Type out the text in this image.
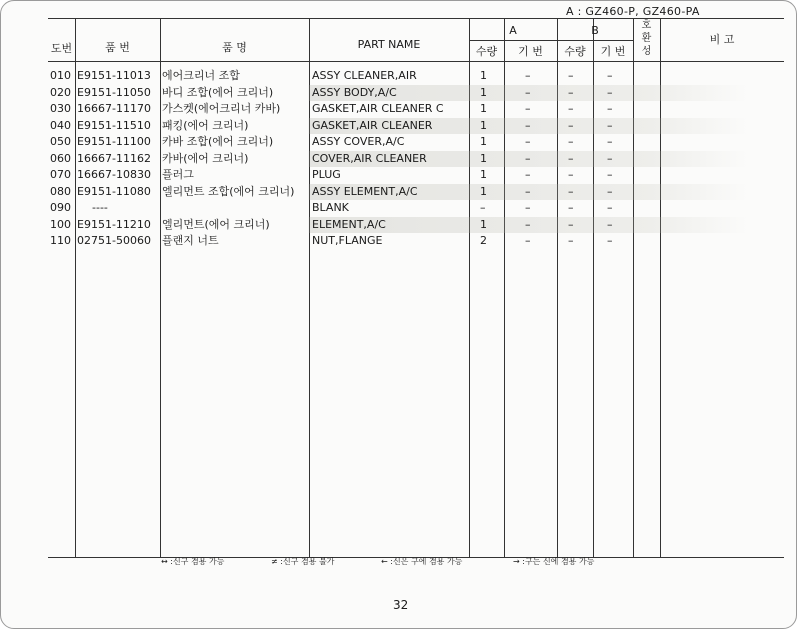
A : GZ460-P, GZ460-PA
도번	품 번	품 명	PART NAME
A	B
수량	기 번	수량	기 번
호
환
성
비 고
010 E9151-11013 에어크리너 조합	ASSY CLEANER,AIR	1	–	–	–
020 E9151-11050 바디 조합(에어 크리너)	ASSY BODY,A/C	1	–	–	–
030 16667-11170 가스켓(에어크리너 카바)	GASKET,AIR CLEANER C	1	–	–	–
040 E9151-11510 패킹(에어 크리너)	GASKET,AIR CLEANER	1	–	–	–
050 E9151-11100 카바 조합(에어 크리너)	ASSY COVER,A/C	1	–	–	–
060 16667-11162 카바(에어 크리너)	COVER,AIR CLEANER	1	–	–	–
070 16667-10830 플러그	PLUG	1	–	–	–
080 E9151-11080 엘리먼트 조합(에어 크리너) ASSY ELEMENT,A/C	1	–	–	–
090 ----	BLANK	–	–	–	–
100 E9151-11210 엘리먼트(에어 크리너)	ELEMENT,A/C	1	–	–	–
110 02751-50060 플랜지 너트	NUT,FLANGE	2	–	–	–
↔ :신구 겸용 가능	≠ :신구 겸용 불가	← :신은 구에 겸용 가능	→ :구는 신에 겸용 가능
32
